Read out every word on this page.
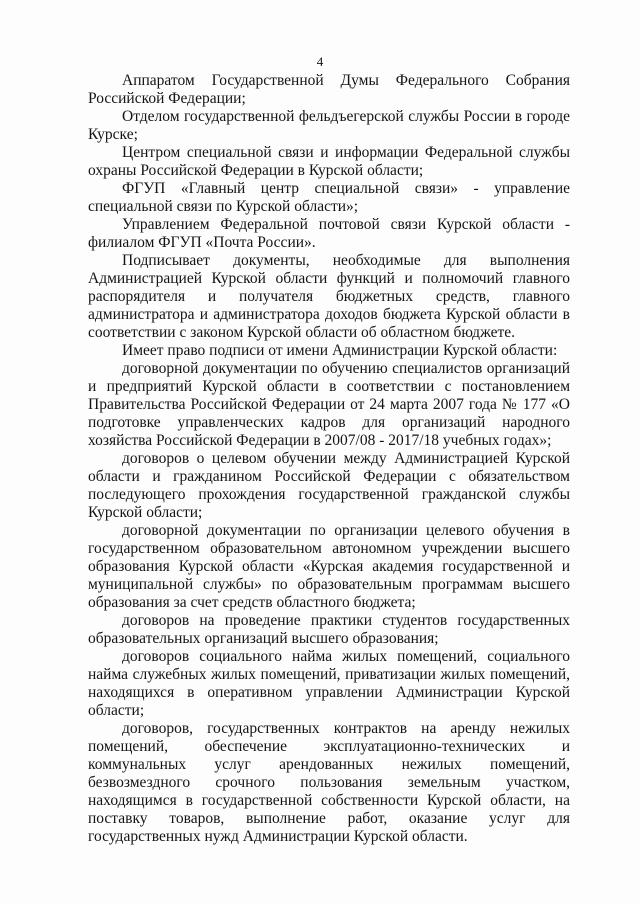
4

Аппаратом Государственной Думы Федерального Собрания Российской Федерации;

Отделом государственной фельдъегерской службы России в городе Курске;

Центром специальной связи и информации Федеральной службы охраны Российской Федерации в Курской области;

ФГУП «Главный центр специальной связи» - управление специальной связи по Курской области»;

Управлением Федеральной почтовой связи Курской области - филиалом ФГУП «Почта России».

Подписывает документы, необходимые для выполнения Администрацией Курской области функций и полномочий главного распорядителя и получателя бюджетных средств, главного администратора и администратора доходов бюджета Курской области в соответствии с законом Курской области об областном бюджете.

Имеет право подписи от имени Администрации Курской области:

договорной документации по обучению специалистов организаций и предприятий Курской области в соответствии с постановлением Правительства Российской Федерации от 24 марта 2007 года № 177 «О подготовке управленческих кадров для организаций народного хозяйства Российской Федерации в 2007/08 - 2017/18 учебных годах»;

договоров о целевом обучении между Администрацией Курской области и гражданином Российской Федерации с обязательством последующего прохождения государственной гражданской службы Курской области;

договорной документации по организации целевого обучения в государственном образовательном автономном учреждении высшего образования Курской области «Курская академия государственной и муниципальной службы» по образовательным программам высшего образования за счет средств областного бюджета;

договоров на проведение практики студентов государственных образовательных организаций высшего образования;

договоров социального найма жилых помещений, социального найма служебных жилых помещений, приватизации жилых помещений, находящихся в оперативном управлении Администрации Курской области;

договоров, государственных контрактов на аренду нежилых помещений, обеспечение эксплуатационно-технических и коммунальных услуг арендованных нежилых помещений, безвозмездного срочного пользования земельным участком, находящимся в государственной собственности Курской области, на поставку товаров, выполнение работ, оказание услуг для государственных нужд Администрации Курской области.
